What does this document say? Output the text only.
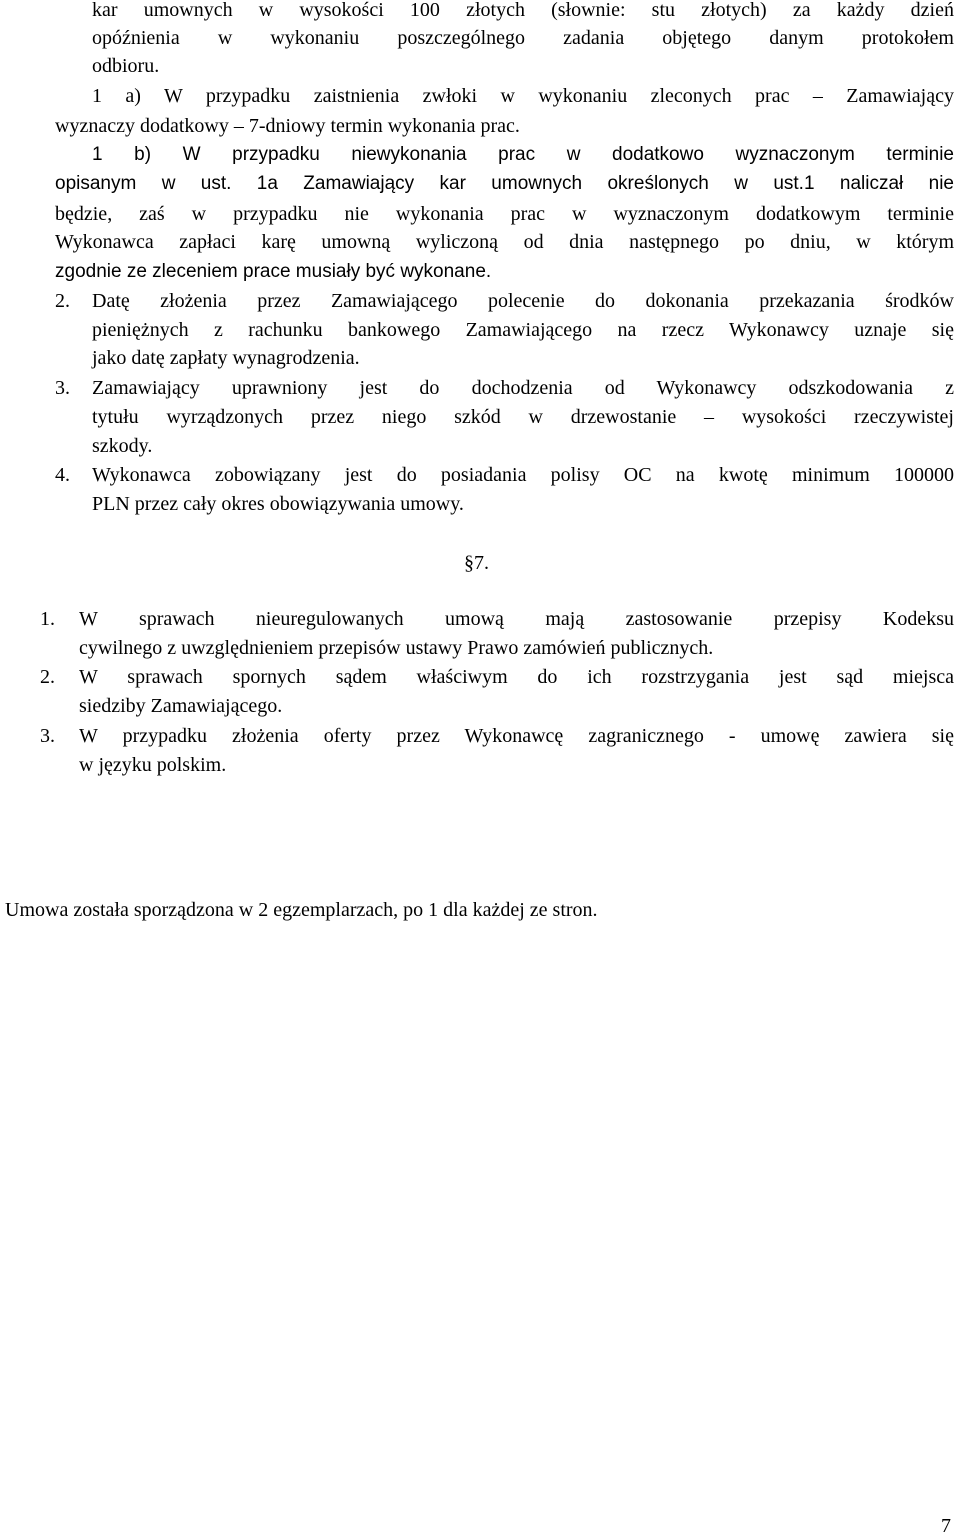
kar umownych w wysokości 100 złotych (słownie: stu złotych) za każdy dzień
opóźnienia w wykonaniu poszczególnego zadania objętego danym protokołem
odbioru.
1 a) W przypadku zaistnienia zwłoki w wykonaniu zleconych prac – Zamawiający
wyznaczy dodatkowy – 7-dniowy termin wykonania prac.
1 b) W przypadku niewykonania prac w dodatkowo wyznaczonym terminie
opisanym w ust. 1a Zamawiający kar umownych określonych w ust.1 naliczał nie
będzie, zaś w przypadku nie wykonania prac w wyznaczonym dodatkowym terminie
Wykonawca zapłaci karę umowną wyliczoną od dnia następnego po dniu, w którym
zgodnie ze zleceniem prace musiały być wykonane.
2. Datę złożenia przez Zamawiającego polecenie do dokonania przekazania środków
pieniężnych z rachunku bankowego Zamawiającego na rzecz Wykonawcy uznaje się
jako datę zapłaty wynagrodzenia.
3. Zamawiający uprawniony jest do dochodzenia od Wykonawcy odszkodowania z
tytułu wyrządzonych przez niego szkód w drzewostanie – wysokości rzeczywistej
szkody.
4. Wykonawca zobowiązany jest do posiadania polisy OC na kwotę minimum 100000
PLN przez cały okres obowiązywania umowy.
§7.
1. W sprawach nieuregulowanych umową mają zastosowanie przepisy Kodeksu
cywilnego z uwzględnieniem przepisów ustawy Prawo zamówień publicznych.
2. W sprawach spornych sądem właściwym do ich rozstrzygania jest sąd miejsca
siedziby Zamawiającego.
3. W przypadku złożenia oferty przez Wykonawcę zagranicznego - umowę zawiera się
w języku polskim.
Umowa została sporządzona w 2 egzemplarzach, po 1 dla każdej ze stron.
7
